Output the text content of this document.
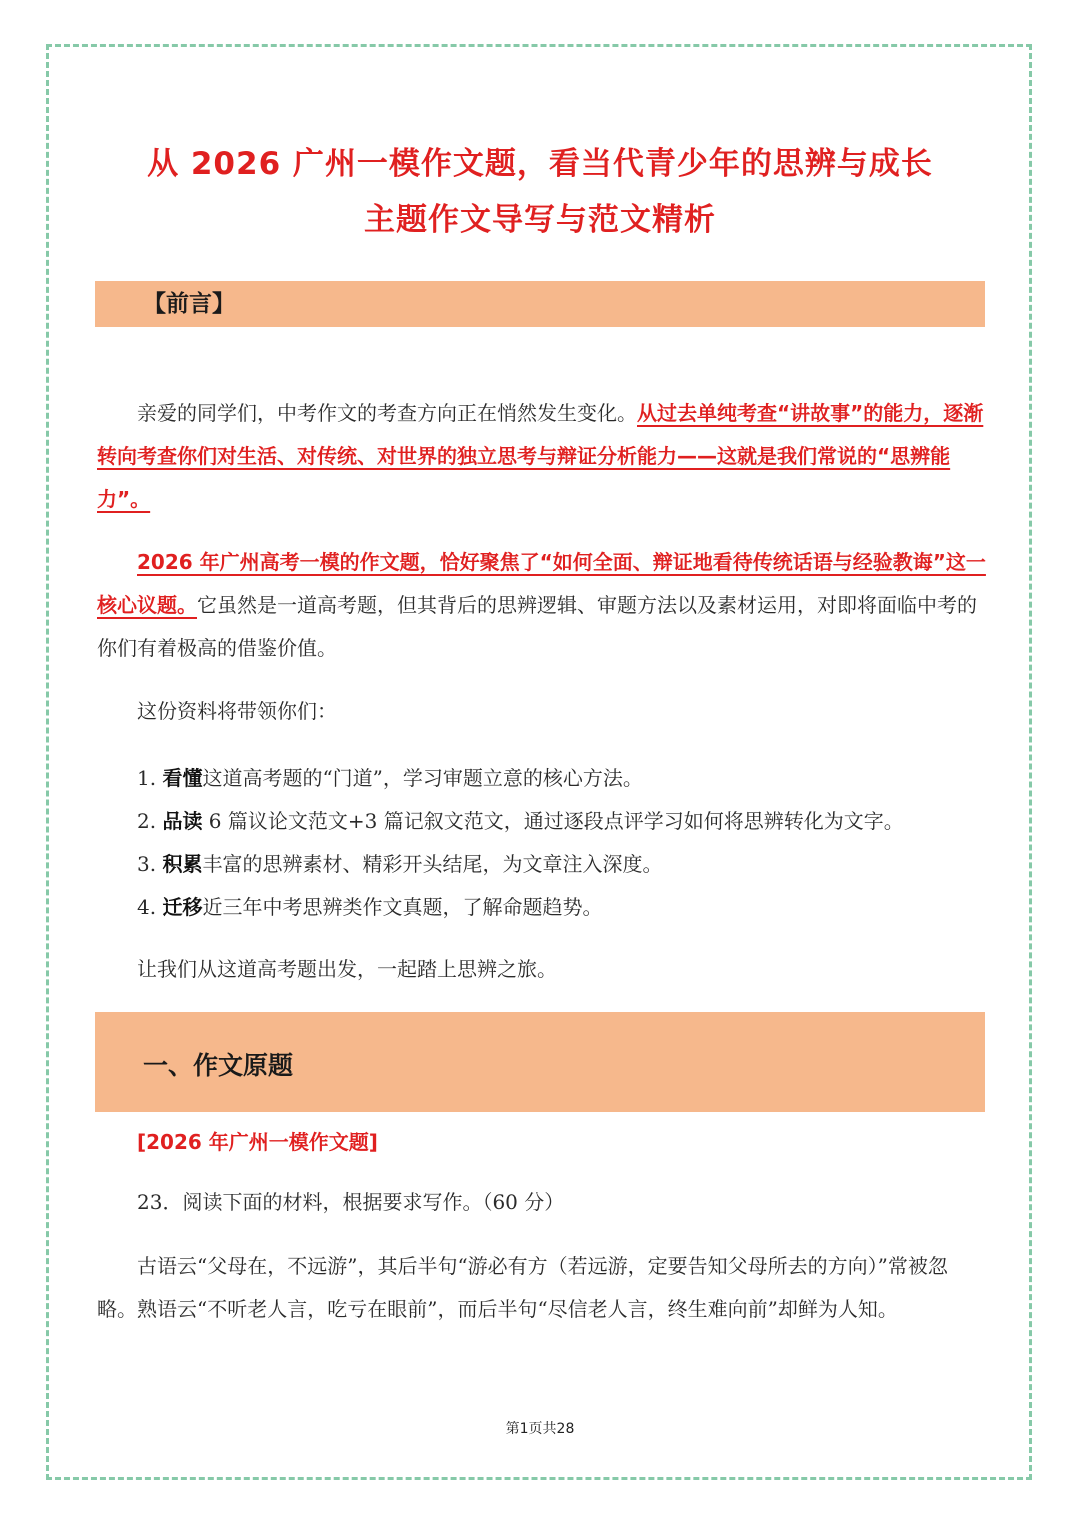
从 2026 广州一模作文题，看当代青少年的思辨与成长
主题作文导写与范文精析
【前言】
亲爱的同学们，中考作文的考查方向正在悄然发生变化。从过去单纯考查“讲故事”的能力，逐渐转向考查你们对生活、对传统、对世界的独立思考与辩证分析能力——这就是我们常说的“思辨能力”。
2026 年广州高考一模的作文题，恰好聚焦了“如何全面、辩证地看待传统话语与经验教诲”这一核心议题。它虽然是一道高考题，但其背后的思辨逻辑、审题方法以及素材运用，对即将面临中考的你们有着极高的借鉴价值。
这份资料将带领你们：
1. 看懂这道高考题的“门道”，学习审题立意的核心方法。
2. 品读 6 篇议论文范文+3 篇记叙文范文，通过逐段点评学习如何将思辨转化为文字。
3. 积累丰富的思辨素材、精彩开头结尾，为文章注入深度。
4. 迁移近三年中考思辨类作文真题，了解命题趋势。
让我们从这道高考题出发，一起踏上思辨之旅。
一、作文原题
[2026 年广州一模作文题]
23．阅读下面的材料，根据要求写作。（60 分）
古语云“父母在，不远游”，其后半句“游必有方（若远游，定要告知父母所去的方向）”常被忽略。熟语云“不听老人言，吃亏在眼前”，而后半句“尽信老人言，终生难向前”却鲜为人知。
第1页共28
